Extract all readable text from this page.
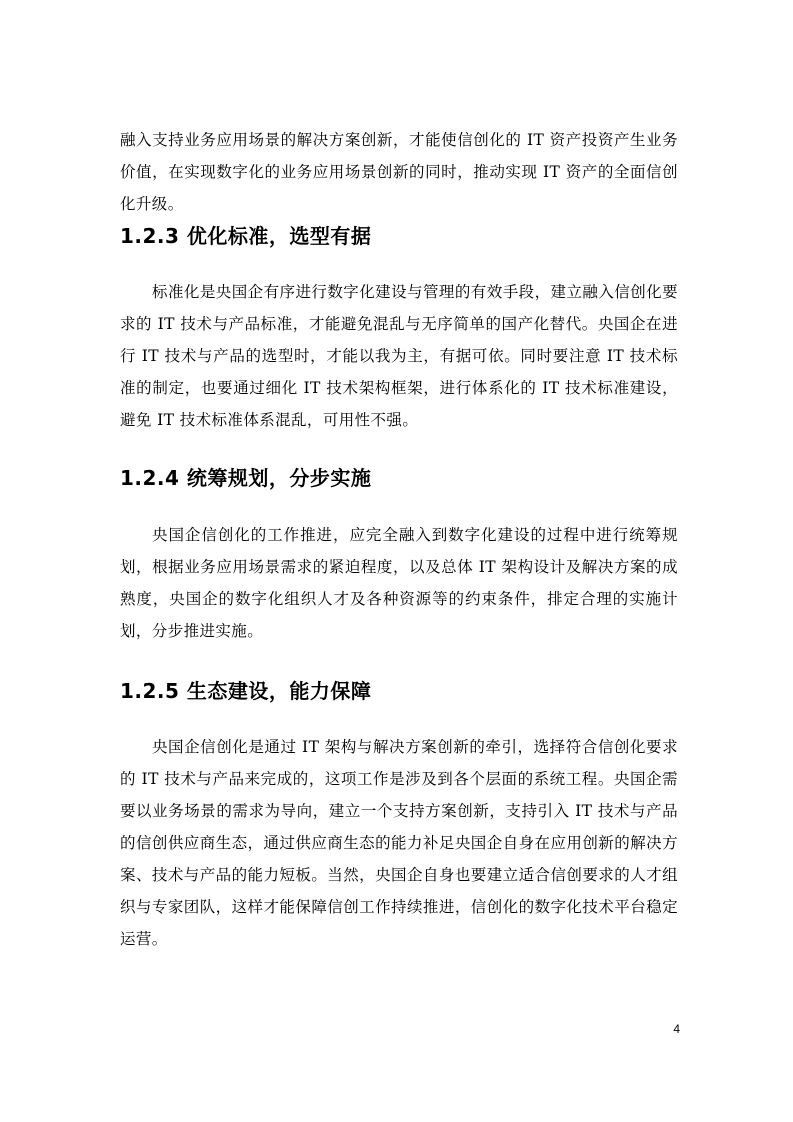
融入支持业务应用场景的解决方案创新，才能使信创化的 IT 资产投资产生业务价值，在实现数字化的业务应用场景创新的同时，推动实现 IT 资产的全面信创化升级。

1.2.3 优化标准，选型有据

标准化是央国企有序进行数字化建设与管理的有效手段，建立融入信创化要求的 IT 技术与产品标准，才能避免混乱与无序简单的国产化替代。央国企在进行 IT 技术与产品的选型时，才能以我为主，有据可依。同时要注意 IT 技术标准的制定，也要通过细化 IT 技术架构框架，进行体系化的 IT 技术标准建设，避免 IT 技术标准体系混乱，可用性不强。

1.2.4 统筹规划，分步实施

央国企信创化的工作推进，应完全融入到数字化建设的过程中进行统筹规划，根据业务应用场景需求的紧迫程度，以及总体 IT 架构设计及解决方案的成熟度，央国企的数字化组织人才及各种资源等的约束条件，排定合理的实施计划，分步推进实施。

1.2.5 生态建设，能力保障

央国企信创化是通过 IT 架构与解决方案创新的牵引，选择符合信创化要求的 IT 技术与产品来完成的，这项工作是涉及到各个层面的系统工程。央国企需要以业务场景的需求为导向，建立一个支持方案创新，支持引入 IT 技术与产品的信创供应商生态，通过供应商生态的能力补足央国企自身在应用创新的解决方案、技术与产品的能力短板。当然，央国企自身也要建立适合信创要求的人才组织与专家团队，这样才能保障信创工作持续推进，信创化的数字化技术平台稳定运营。

4
